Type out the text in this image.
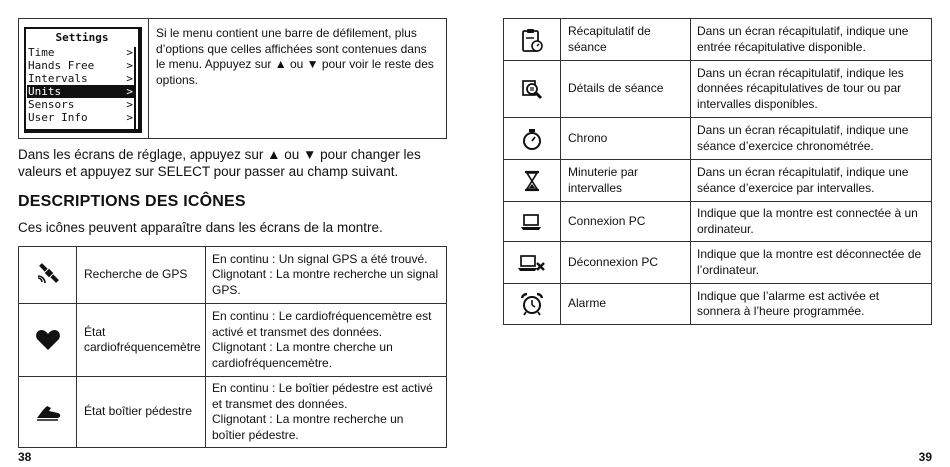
Settings
Time	>
Hands Free	>
Intervals	>
Units	>
Sensors	>
User Info	>
Si le menu contient une barre de défilement, plus d’options que celles affichées sont contenues dans le menu. Appuyez sur ▲ ou ▼ pour voir le reste des options.
Dans les écrans de réglage, appuyez sur ▲ ou ▼ pour changer les valeurs et appuyez sur SELECT pour passer au champ suivant.
DESCRIPTIONS DES ICÔNES
Ces icônes peuvent apparaître dans les écrans de la montre.
	Recherche de GPS	En continu : Un signal GPS a été trouvé.
Clignotant : La montre recherche un signal GPS.

	État cardiofréquencemètre	En continu : Le cardiofréquencemètre est activé et transmet des données.
Clignotant : La montre cherche un cardiofréquencemètre.

	État boîtier pédestre	En continu : Le boîtier pédestre est activé et transmet des données.
Clignotant : La montre recherche un boîtier pédestre.
38
	Récapitulatif de séance	Dans un écran récapitulatif, indique une entrée récapitulative disponible.
	Détails de séance	Dans un écran récapitulatif, indique les données récapitulatives de tour ou par intervalles disponibles.
	Chrono	Dans un écran récapitulatif, indique une séance d’exercice chronométrée.
	Minuterie par intervalles	Dans un écran récapitulatif, indique une séance d’exercice par intervalles.
	Connexion PC	Indique que la montre est connectée à un ordinateur.
	Déconnexion PC	Indique que la montre est déconnectée de l’ordinateur.
	Alarme	Indique que l’alarme est activée et sonnera à l’heure programmée.
39
